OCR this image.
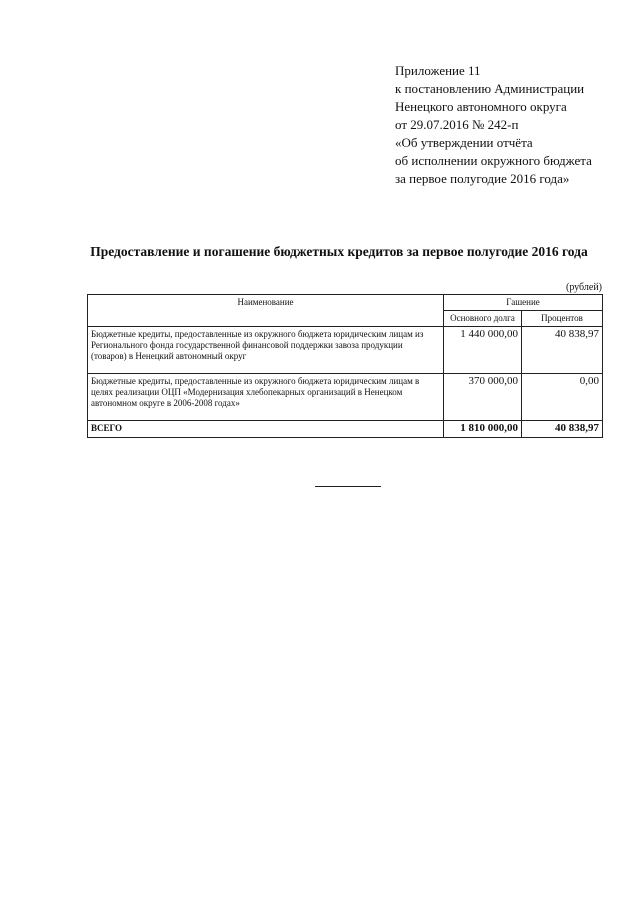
Приложение 11
к постановлению Администрации
Ненецкого автономного округа
от 29.07.2016 № 242-п
«Об утверждении отчёта
об исполнении окружного бюджета
за первое полугодие 2016 года»
Предоставление и погашение бюджетных кредитов за первое полугодие 2016 года
(рублей)
Наименование	Гашение	
	Основного долга	Процентов
Бюджетные кредиты, предоставленные из окружного бюджета юридическим лицам из Регионального фонда государственной финансовой поддержки завоза продукции (товаров) в Ненецкий автономный округ	1 440 000,00	40 838,97
Бюджетные кредиты, предоставленные из окружного бюджета юридическим лицам в целях реализации ОЦП «Модернизация хлебопекарных организаций в Ненецком автономном округе в 2006-2008 годах»	370 000,00	0,00
ВСЕГО	1 810 000,00	40 838,97
